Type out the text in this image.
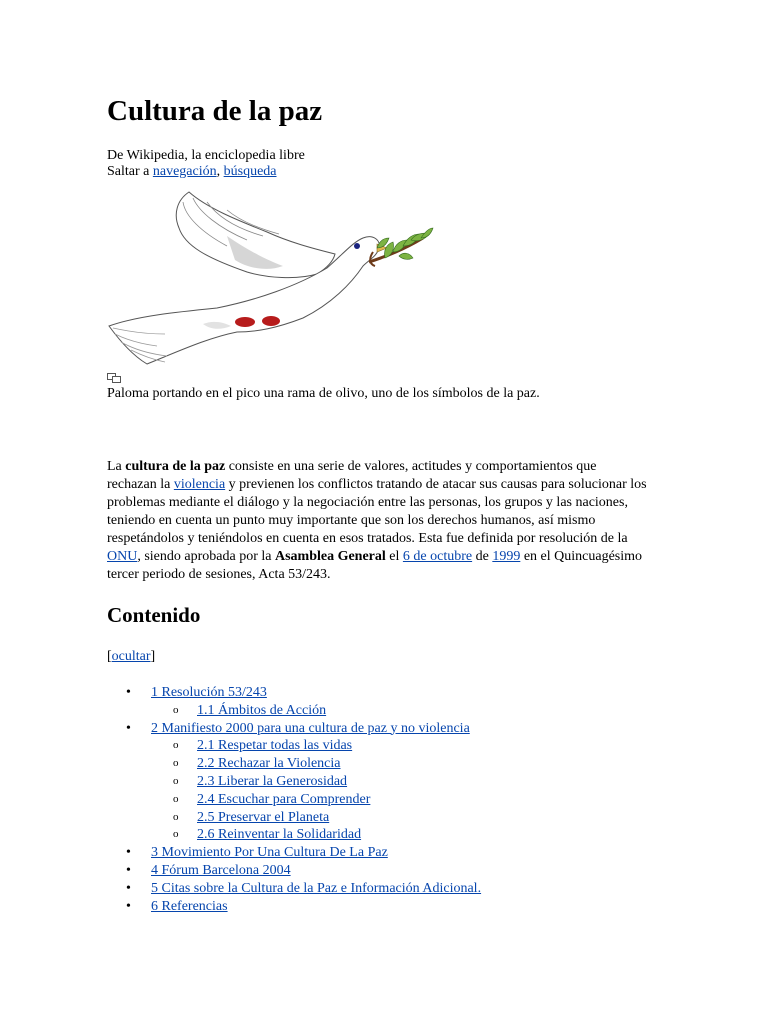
Cultura de la paz
De Wikipedia, la enciclopedia libre
Saltar a navegación, búsqueda
Paloma portando en el pico una rama de olivo, uno de los símbolos de la paz.

La cultura de la paz consiste en una serie de valores, actitudes y comportamientos que rechazan la violencia y previenen los conflictos tratando de atacar sus causas para solucionar los problemas mediante el diálogo y la negociación entre las personas, los grupos y las naciones, teniendo en cuenta un punto muy importante que son los derechos humanos, así mismo respetándolos y teniéndolos en cuenta en esos tratados. Esta fue definida por resolución de la ONU, siendo aprobada por la Asamblea General el 6 de octubre de 1999 en el Quincuagésimo tercer periodo de sesiones, Acta 53/243.

Contenido
[ocultar]
• 1 Resolución 53/243
o 1.1 Ámbitos de Acción
• 2 Manifiesto 2000 para una cultura de paz y no violencia
o 2.1 Respetar todas las vidas
o 2.2 Rechazar la Violencia
o 2.3 Liberar la Generosidad
o 2.4 Escuchar para Comprender
o 2.5 Preservar el Planeta
o 2.6 Reinventar la Solidaridad
• 3 Movimiento Por Una Cultura De La Paz
• 4 Fórum Barcelona 2004
• 5 Citas sobre la Cultura de la Paz e Información Adicional.
• 6 Referencias
